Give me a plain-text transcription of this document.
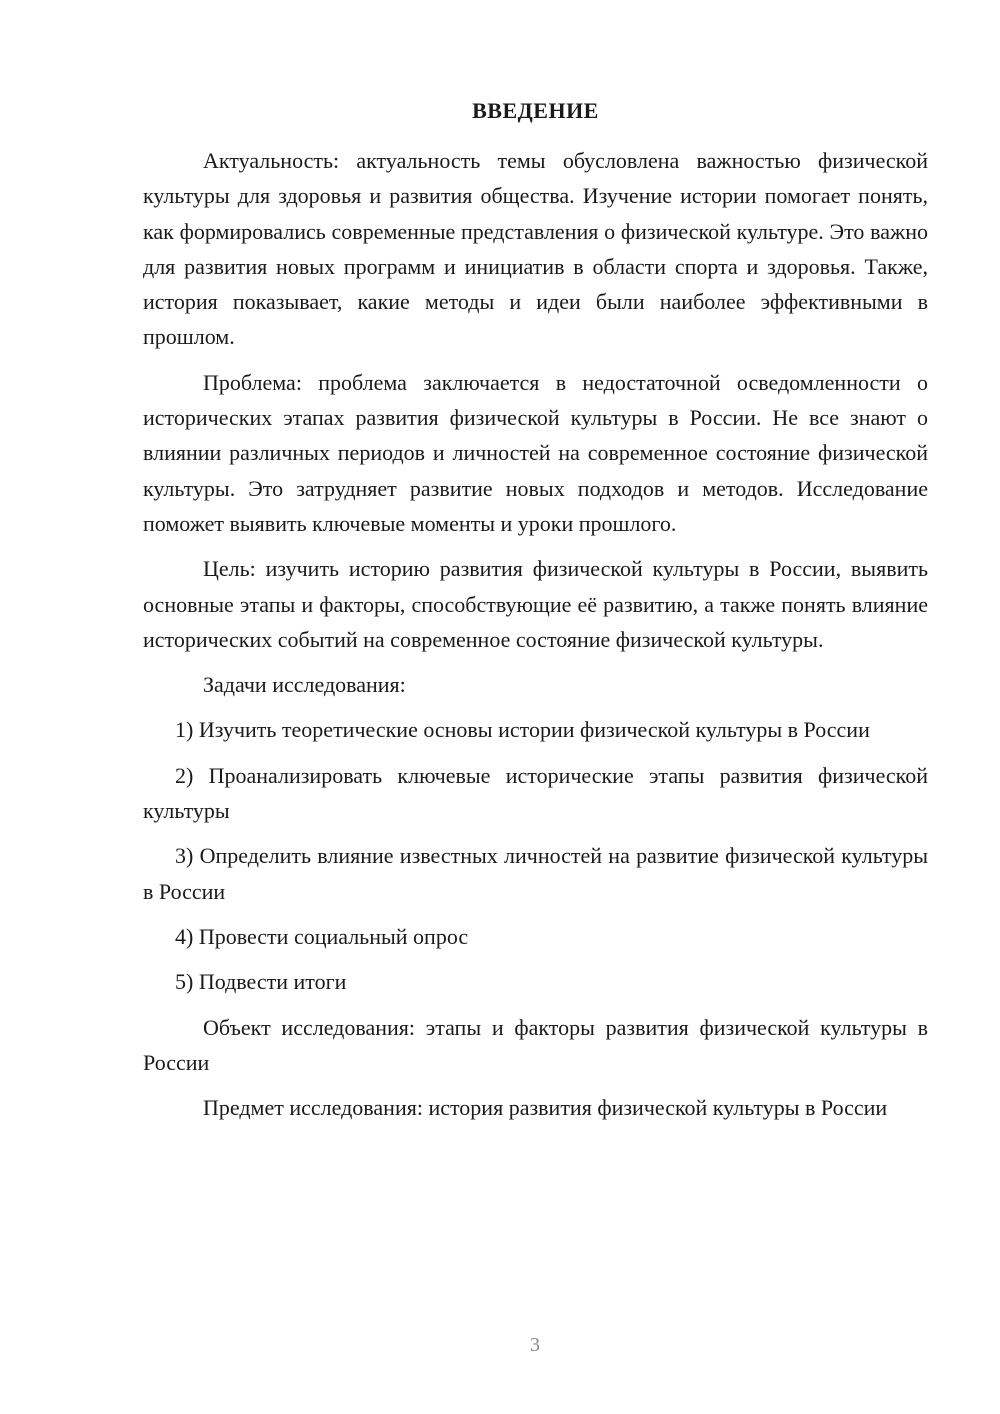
ВВЕДЕНИЕ

Актуальность: актуальность темы обусловлена важностью физической культуры для здоровья и развития общества. Изучение истории помогает понять, как формировались современные представления о физической культуре. Это важно для развития новых программ и инициатив в области спорта и здоровья. Также, история показывает, какие методы и идеи были наиболее эффективными в прошлом.

Проблема: проблема заключается в недостаточной осведомленности о исторических этапах развития физической культуры в России. Не все знают о влиянии различных периодов и личностей на современное состояние физической культуры. Это затрудняет развитие новых подходов и методов. Исследование поможет выявить ключевые моменты и уроки прошлого.

Цель: изучить историю развития физической культуры в России, выявить основные этапы и факторы, способствующие её развитию, а также понять влияние исторических событий на современное состояние физической культуры.

Задачи исследования:

1) Изучить теоретические основы истории физической культуры в России

2) Проанализировать ключевые исторические этапы развития физической культуры

3) Определить влияние известных личностей на развитие физической культуры в России

4) Провести социальный опрос

5) Подвести итоги

Объект исследования: этапы и факторы развития физической культуры в России

Предмет исследования: история развития физической культуры в России

3
